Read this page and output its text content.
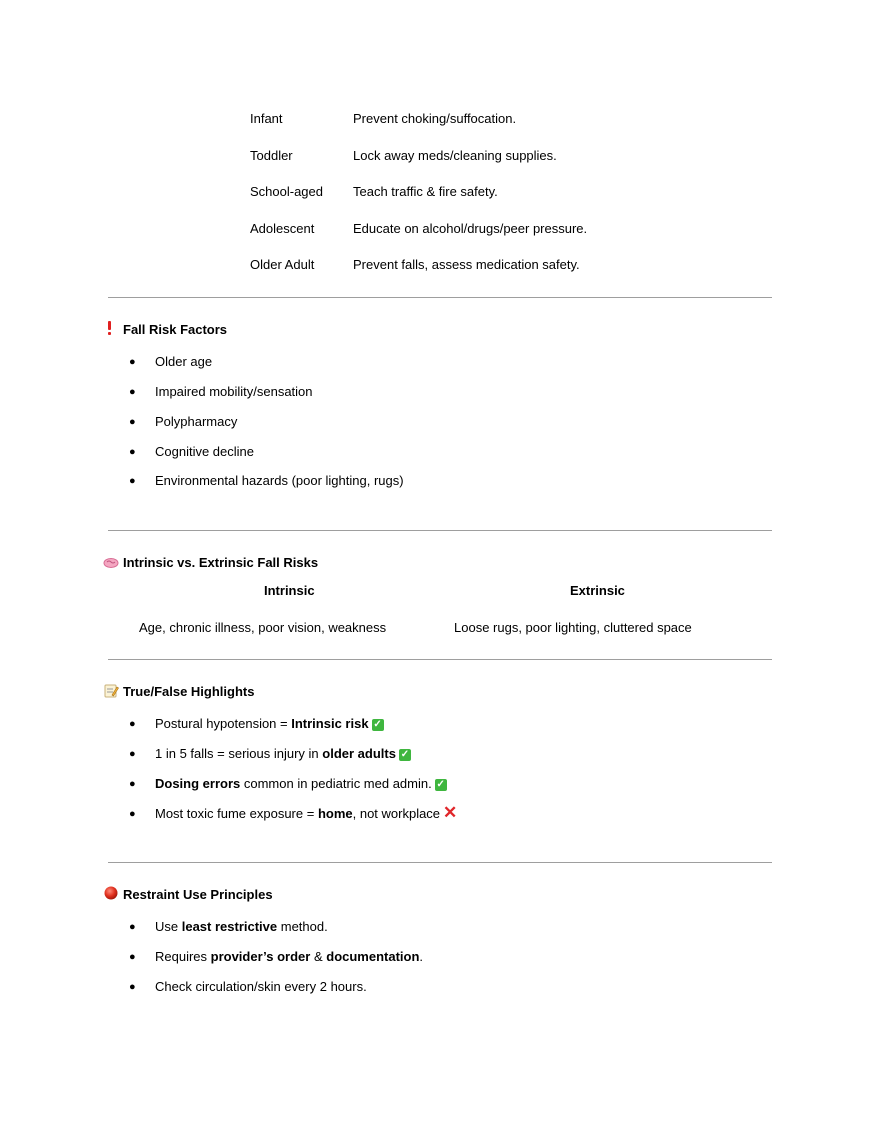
Infant	Prevent choking/suffocation.
Toddler	Lock away meds/cleaning supplies.
School-aged Teach traffic & fire safety.
Adolescent	Educate on alcohol/drugs/peer pressure.
Older Adult	Prevent falls, assess medication safety.
Fall Risk Factors
● Older age
● Impaired mobility/sensation
● Polypharmacy
● Cognitive decline
● Environmental hazards (poor lighting, rugs)
Intrinsic vs. Extrinsic Fall Risks
Intrinsic	Extrinsic
Age, chronic illness, poor vision, weakness	Loose rugs, poor lighting, cluttered space
True/False Highlights
● Postural hypotension = Intrinsic risk ✓
● 1 in 5 falls = serious injury in older adults ✓
● Dosing errors common in pediatric med admin. ✓
● Most toxic fume exposure = home, not workplace ✕
Restraint Use Principles
● Use least restrictive method.
● Requires provider’s order & documentation.
● Check circulation/skin every 2 hours.
